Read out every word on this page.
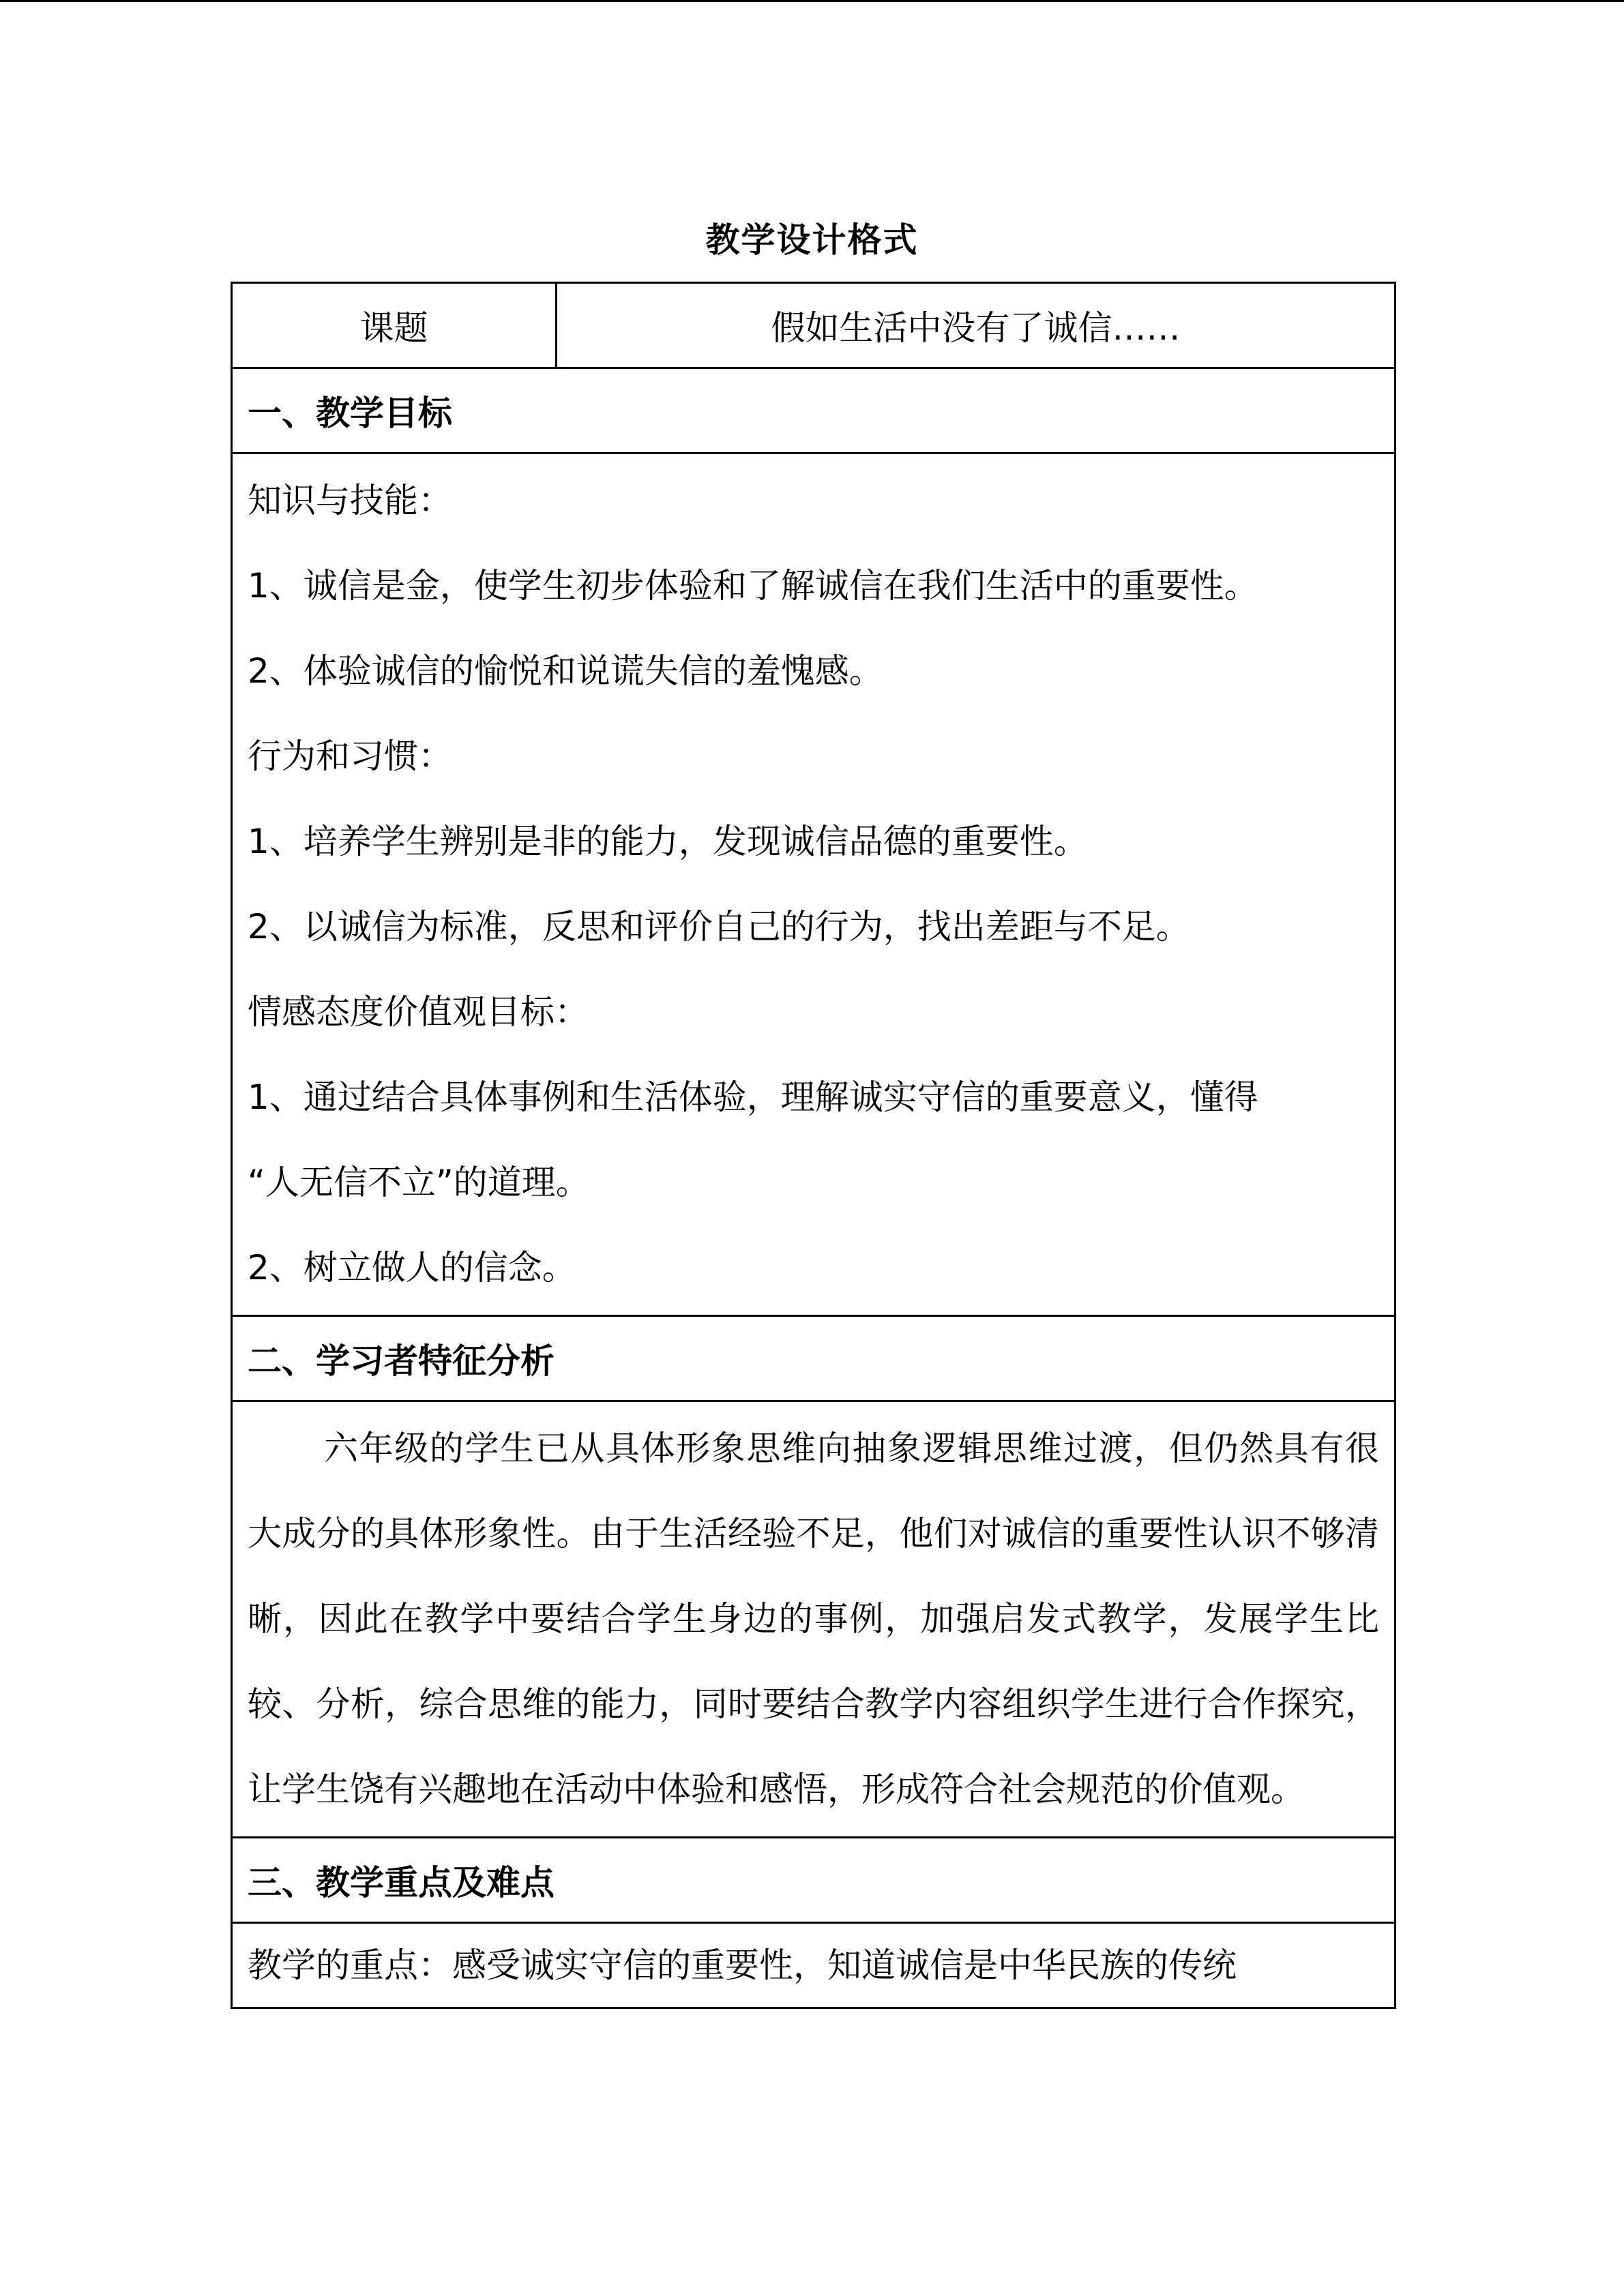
教学设计格式
课题	假如生活中没有了诚信……
一、教学目标

知识与技能：
1、诚信是金，使学生初步体验和了解诚信在我们生活中的重要性。
2、体验诚信的愉悦和说谎失信的羞愧感。
行为和习惯：
1、培养学生辨别是非的能力，发现诚信品德的重要性。
2、以诚信为标准，反思和评价自己的行为，找出差距与不足。
情感态度价值观目标：
1、通过结合具体事例和生活体验，理解诚实守信的重要意义，懂得
“人无信不立”的道理。
2、树立做人的信念。

二、学习者特征分析

六年级的学生已从具体形象思维向抽象逻辑思维过渡，但仍然具有很大成分的具体形象性。由于生活经验不足，他们对诚信的重要性认识不够清晰，因此在教学中要结合学生身边的事例，加强启发式教学，发展学生比较、分析，综合思维的能力，同时要结合教学内容组织学生进行合作探究，让学生饶有兴趣地在活动中体验和感悟，形成符合社会规范的价值观。

三、教学重点及难点

教学的重点：感受诚实守信的重要性，知道诚信是中华民族的传统
